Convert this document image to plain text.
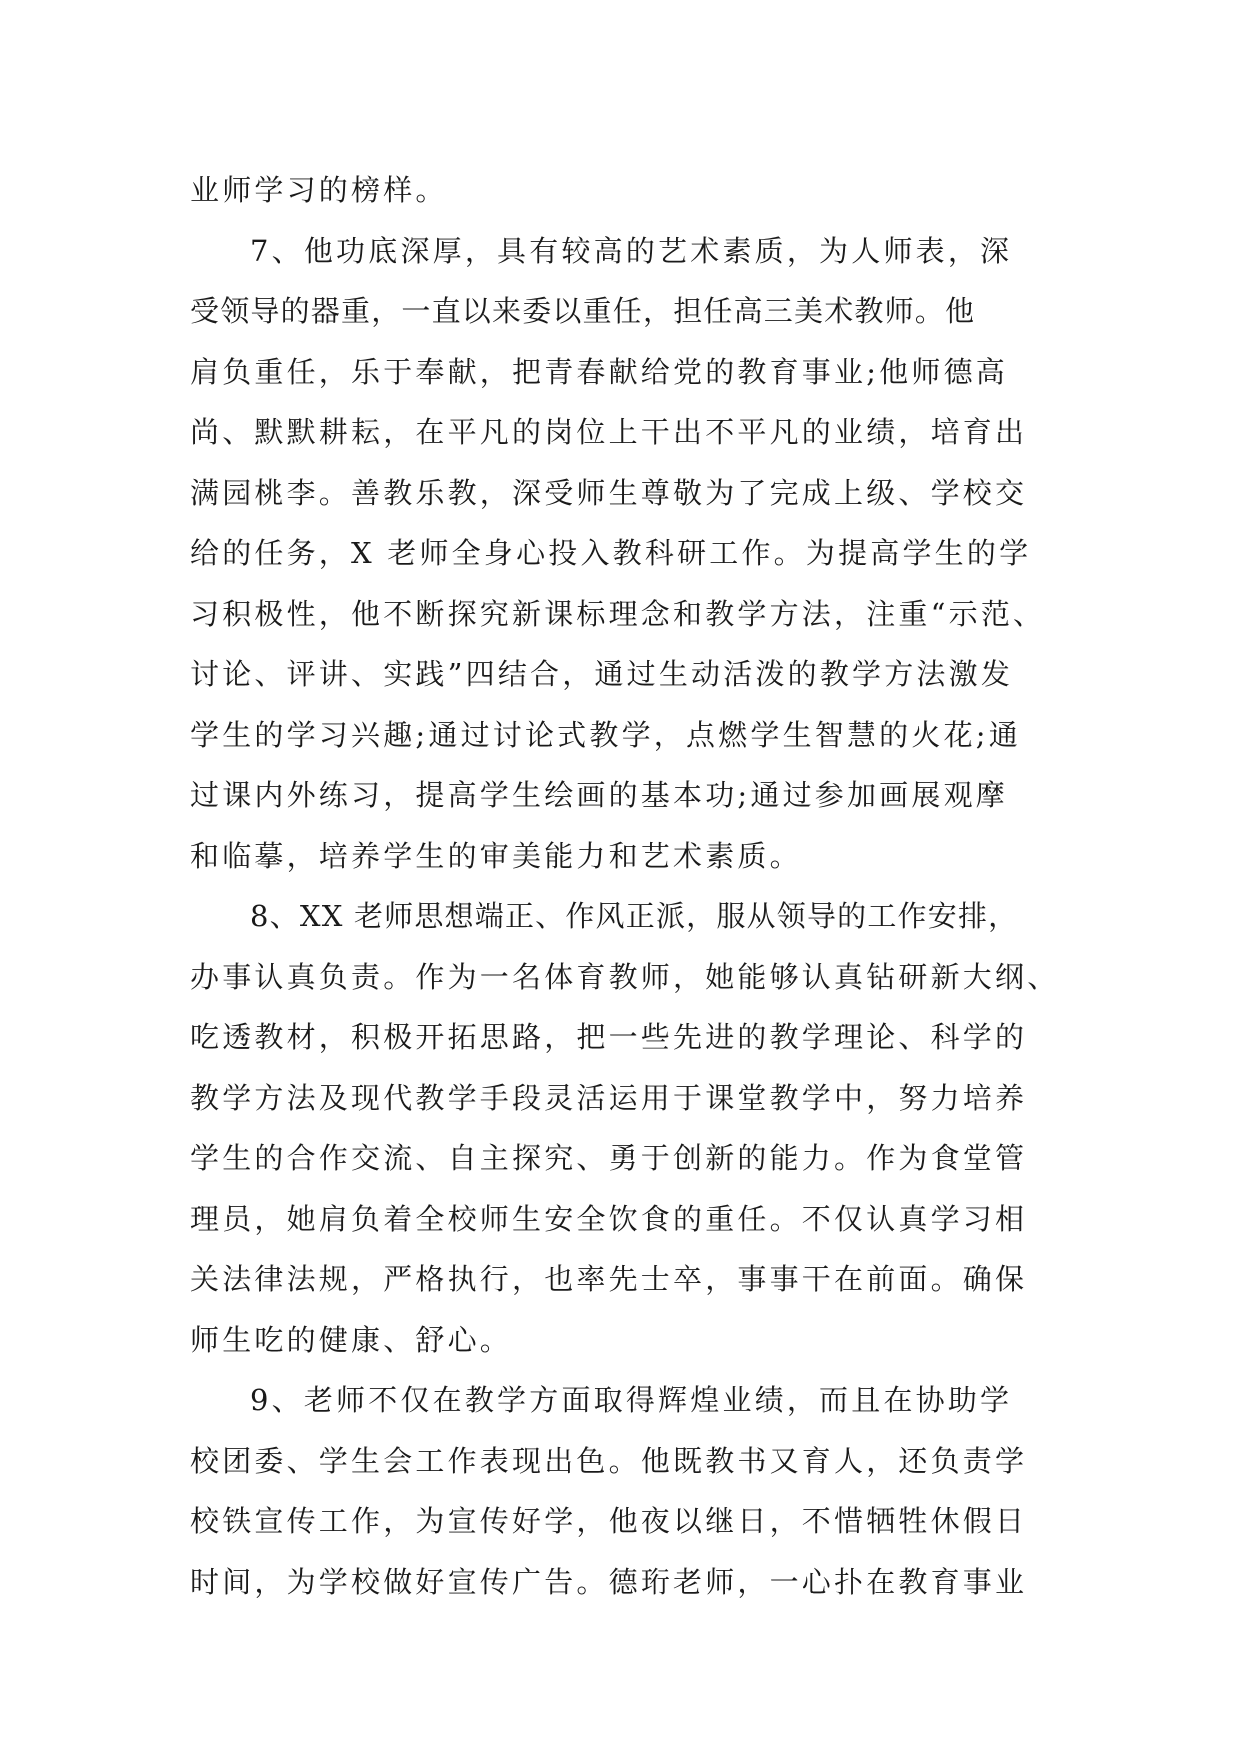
业师学习的榜样。
7、他功底深厚，具有较高的艺术素质，为人师表，深
受领导的器重，一直以来委以重任，担任高三美术教师。他
肩负重任，乐于奉献，把青春献给党的教育事业;他师德高
尚、默默耕耘，在平凡的岗位上干出不平凡的业绩，培育出
满园桃李。善教乐教，深受师生尊敬为了完成上级、学校交
给的任务，X 老师全身心投入教科研工作。为提高学生的学
习积极性，他不断探究新课标理念和教学方法，注重“示范、
讨论、评讲、实践”四结合，通过生动活泼的教学方法激发
学生的学习兴趣;通过讨论式教学，点燃学生智慧的火花;通
过课内外练习，提高学生绘画的基本功;通过参加画展观摩
和临摹，培养学生的审美能力和艺术素质。
8、XX 老师思想端正、作风正派，服从领导的工作安排，
办事认真负责。作为一名体育教师，她能够认真钻研新大纲、
吃透教材，积极开拓思路，把一些先进的教学理论、科学的
教学方法及现代教学手段灵活运用于课堂教学中，努力培养
学生的合作交流、自主探究、勇于创新的能力。作为食堂管
理员，她肩负着全校师生安全饮食的重任。不仅认真学习相
关法律法规，严格执行，也率先士卒，事事干在前面。确保
师生吃的健康、舒心。
9、老师不仅在教学方面取得辉煌业绩，而且在协助学
校团委、学生会工作表现出色。他既教书又育人，还负责学
校铁宣传工作，为宣传好学，他夜以继日，不惜牺牲休假日
时间，为学校做好宣传广告。德珩老师，一心扑在教育事业
